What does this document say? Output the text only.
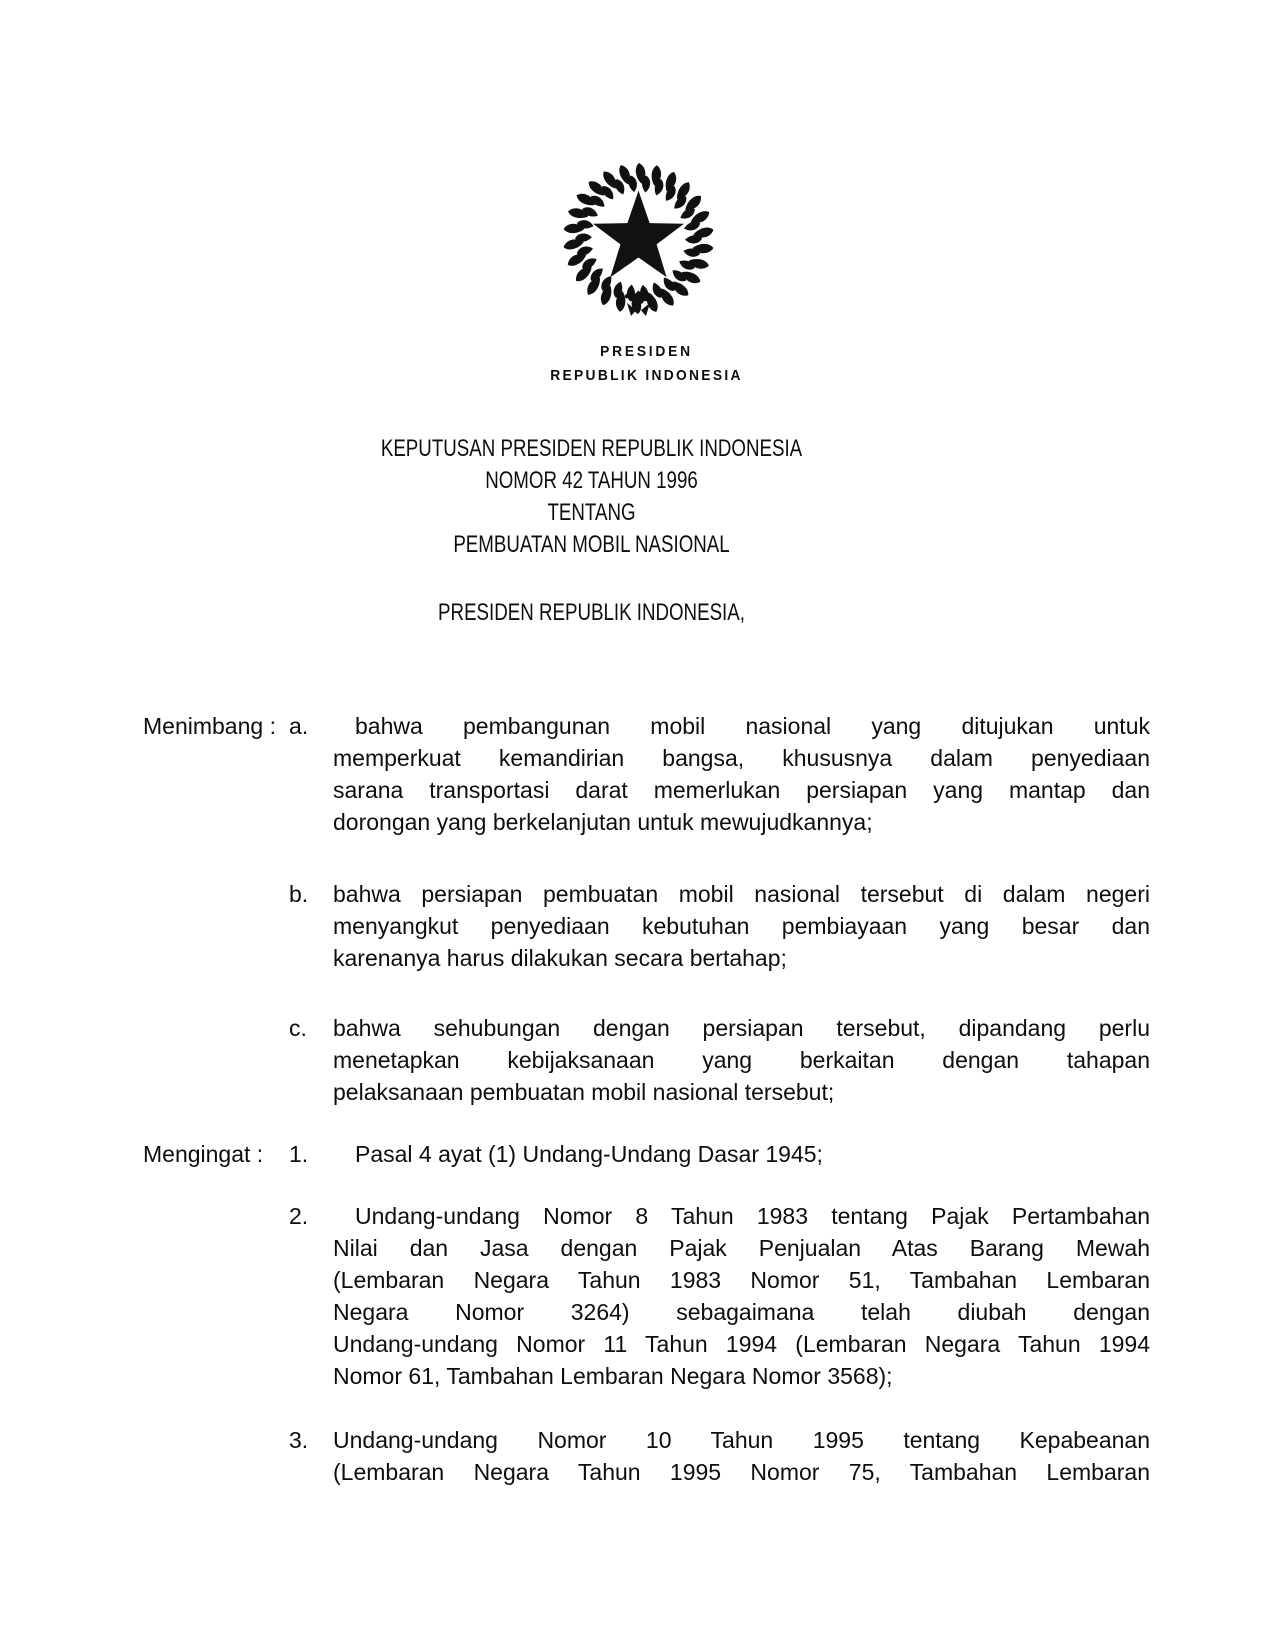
PRESIDEN
REPUBLIK INDONESIA
KEPUTUSAN PRESIDEN REPUBLIK INDONESIA
NOMOR 42 TAHUN 1996
TENTANG
PEMBUATAN MOBIL NASIONAL
PRESIDEN REPUBLIK INDONESIA,
Menimbang : a.	bahwa pembangunan mobil nasional yang ditujukan untuk
memperkuat kemandirian bangsa, khususnya dalam penyediaan
sarana transportasi darat memerlukan persiapan yang mantap dan
dorongan yang berkelanjutan untuk mewujudkannya;
b.	bahwa persiapan pembuatan mobil nasional tersebut di dalam negeri
menyangkut penyediaan kebutuhan pembiayaan yang besar dan
karenanya harus dilakukan secara bertahap;
c.	bahwa sehubungan dengan persiapan tersebut, dipandang perlu
menetapkan kebijaksanaan yang berkaitan dengan tahapan
pelaksanaan pembuatan mobil nasional tersebut;
Mengingat :	1.	Pasal 4 ayat (1) Undang-Undang Dasar 1945;
2.	Undang-undang Nomor 8 Tahun 1983 tentang Pajak Pertambahan
Nilai dan Jasa dengan Pajak Penjualan Atas Barang Mewah
(Lembaran Negara Tahun 1983 Nomor 51, Tambahan Lembaran
Negara Nomor 3264) sebagaimana telah diubah dengan
Undang-undang Nomor 11 Tahun 1994 (Lembaran Negara Tahun 1994
Nomor 61, Tambahan Lembaran Negara Nomor 3568);
3.	Undang-undang Nomor 10 Tahun 1995 tentang Kepabeanan
(Lembaran Negara Tahun 1995 Nomor 75, Tambahan Lembaran
